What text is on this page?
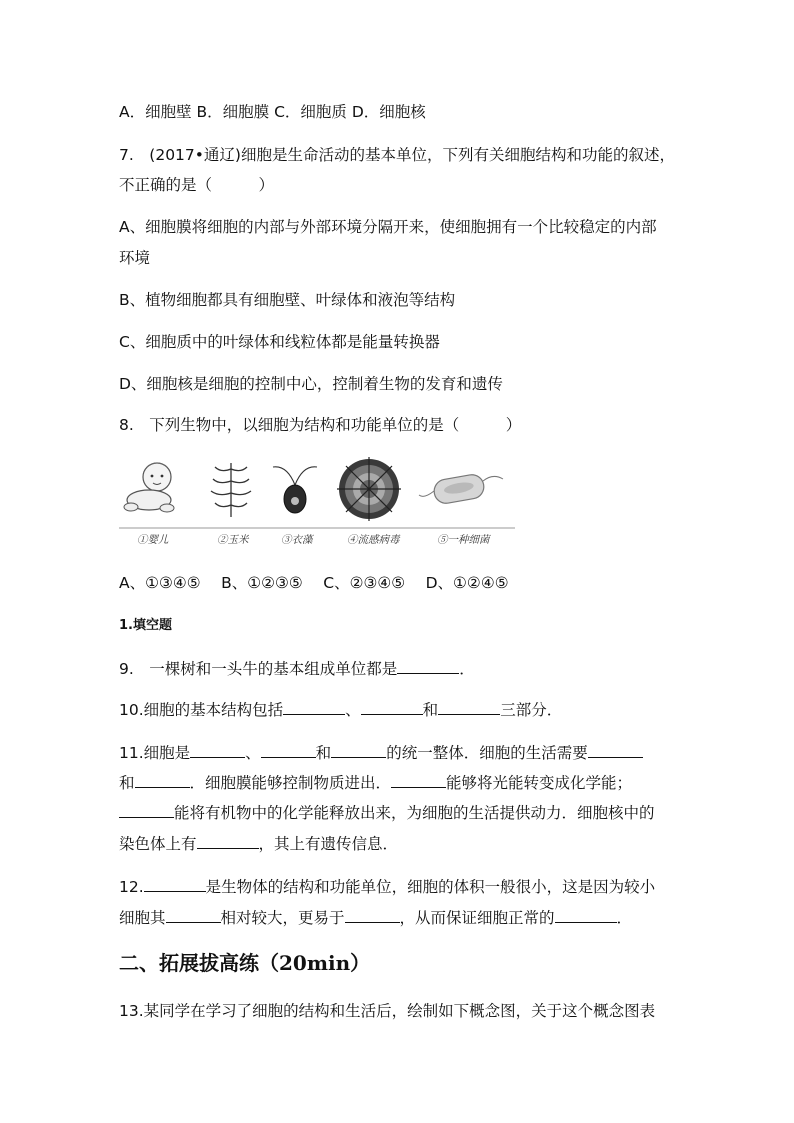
A．细胞壁 B．细胞膜 C．细胞质 D．细胞核
7.　(2017•通辽)细胞是生命活动的基本单位，下列有关细胞结构和功能的叙述，
不正确的是（　　　）
A、细胞膜将细胞的内部与外部环境分隔开来，使细胞拥有一个比较稳定的内部
环境
B、植物细胞都具有细胞壁、叶绿体和液泡等结构
C、细胞质中的叶绿体和线粒体都是能量转换器
D、细胞核是细胞的控制中心，控制着生物的发育和遗传
8.　下列生物中，以细胞为结构和功能单位的是（　　　）
①婴儿	②玉米	③衣藻	④流感病毒	⑤一种细菌
A、①③④⑤　 B、①②③⑤　 C、②③④⑤　 D、①②④⑤
1.填空题
9.　一棵树和一头牛的基本组成单位都是	．
10.细胞的基本结构包括	、	和	三部分．
11.细胞是	、	和	的统一整体．细胞的生活需要
和	．细胞膜能够控制物质进出．	能够将光能转变成化学能；
能将有机物中的化学能释放出来，为细胞的生活提供动力．细胞核中的
染色体上有	，其上有遗传信息．
12.	是生物体的结构和功能单位，细胞的体积一般很小，这是因为较小
细胞其	相对较大，更易于	，从而保证细胞正常的	．
二、拓展拔高练（20min）
13.某同学在学习了细胞的结构和生活后，绘制如下概念图，关于这个概念图表
